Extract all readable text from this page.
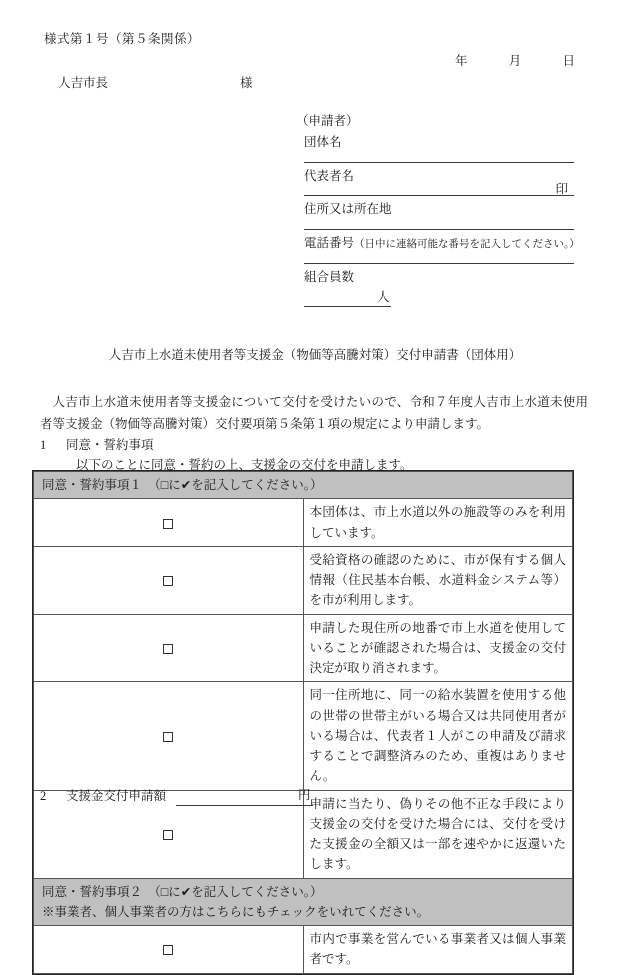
様式第１号（第５条関係）
年	月	日
人吉市長	様
（申請者）
団体名
代表者名
印
住所又は所在地
電話番号（日中に連絡可能な番号を記入してください。）
組合員数
人
人吉市上水道未使用者等支援金（物価等高騰対策）交付申請書（団体用）
人吉市上水道未使用者等支援金について交付を受けたいので、令和７年度人吉市上水道未使用者等支援金（物価等高騰対策）交付要項第５条第１項の規定により申請します。
1 同意・誓約事項
以下のことに同意・誓約の上、支援金の交付を申請します。
同意・誓約事項１　（□に✔を記入してください。）	
	本団体は、市上水道以外の施設等のみを利用しています。
	受給資格の確認のために、市が保有する個人情報（住民基本台帳、水道料金システム等）を市が利用します。
	申請した現住所の地番で市上水道を使用していることが確認された場合は、支援金の交付決定が取り消されます。
	同一住所地に、同一の給水装置を使用する他の世帯の世帯主がいる場合又は共同使用者がいる場合は、代表者１人がこの申請及び請求することで調整済みのため、重複はありません。
	申請に当たり、偽りその他不正な手段により支援金の交付を受けた場合には、交付を受けた支援金の全額又は一部を速やかに返還いたします。

同意・誓約事項２　（□に✔を記入してください。）
※事業者、個人事業者の方はこちらにもチェックをいれてください。	

	市内で事業を営んでいる事業者又は個人事業者です。
2 支援金交付申請額	円
